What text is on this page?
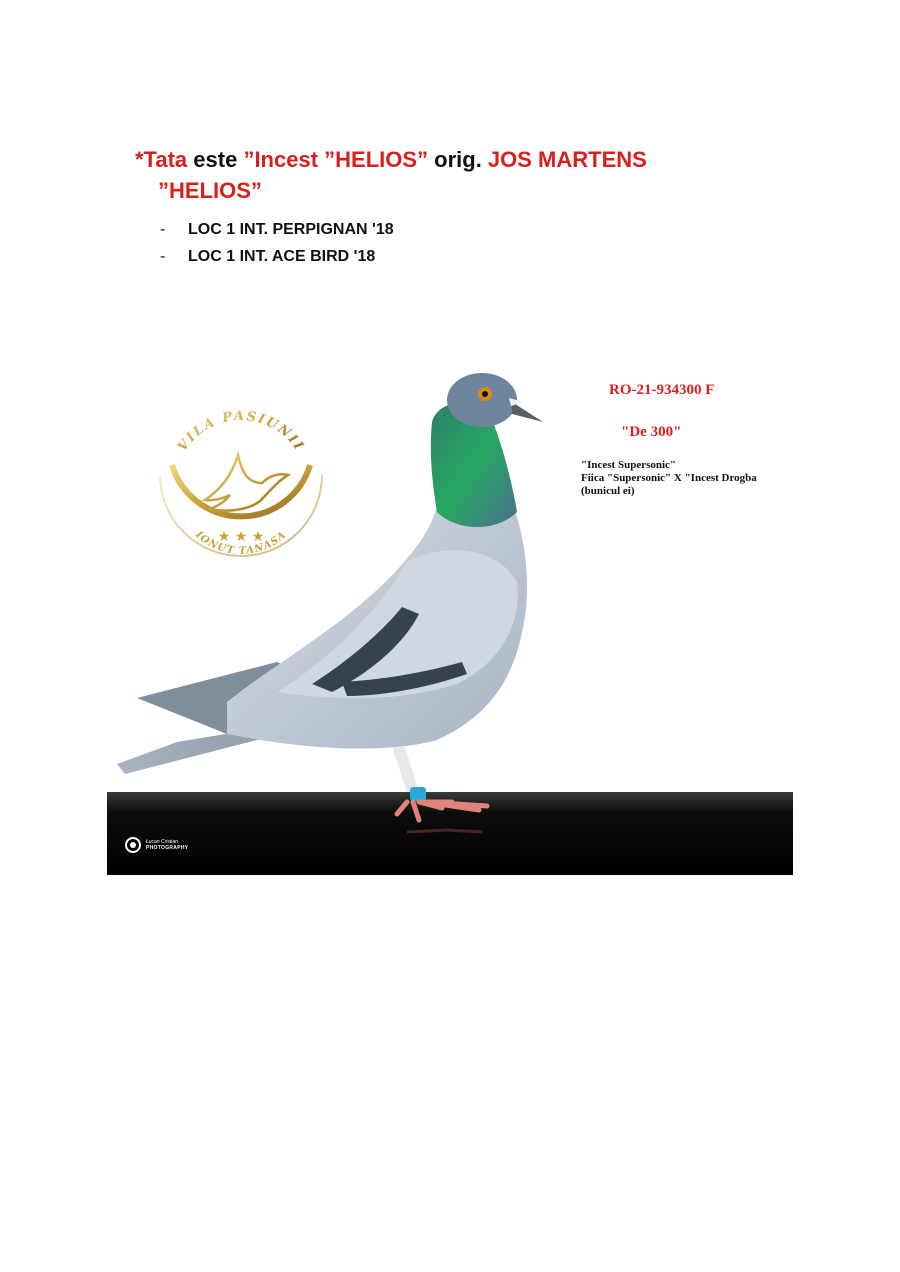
*Tata este ”Incest ”HELIOS” orig. JOS MARTENS
”HELIOS”
- LOC 1 INT. PERPIGNAN '18
- LOC 1 INT. ACE BIRD '18
VILA PASIUNII
★ ★ ★
IONUT TANASA
RO-21-934300 F
"De 300"
"Incest Supersonic"
Fiica "Supersonic" X "Incest Drogba
(bunicul ei)
Lucan Cristian
PHOTOGRAPHY
